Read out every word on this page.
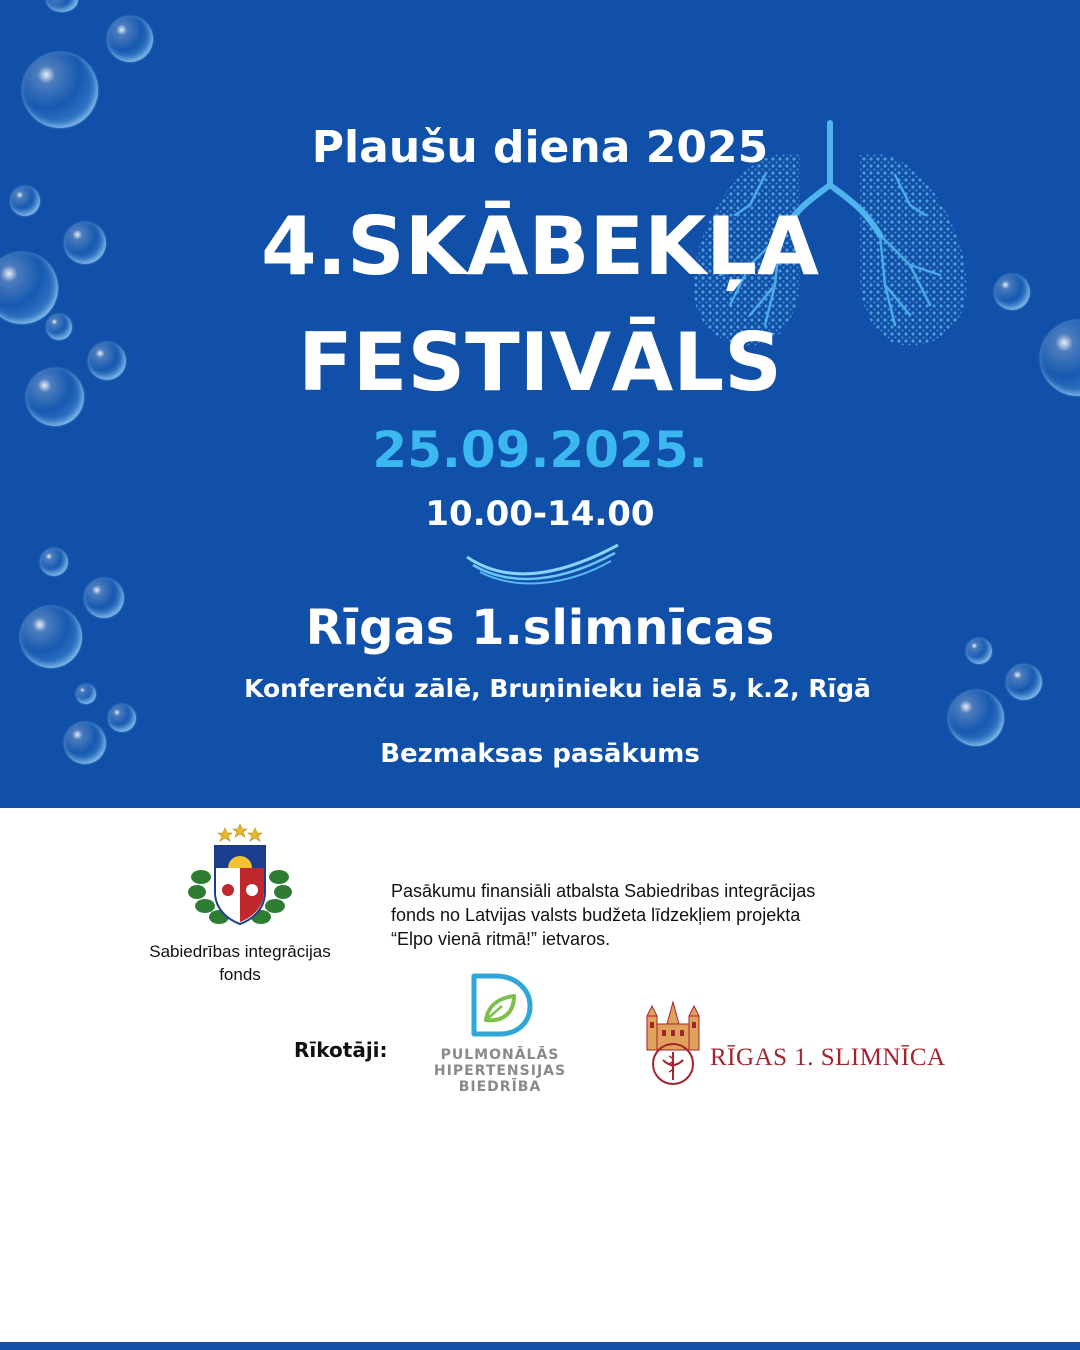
Plaušu diena 2025
4.SKĀBEKĻA
FESTIVĀLS
25.09.2025.
10.00-14.00
Rīgas 1.slimnīcas
Konferenču zālē, Bruņinieku ielā 5, k.2, Rīgā
Bezmaksas pasākums
Sabiedrības integrācijas
fonds
Pasākumu finansiāli atbalsta Sabiedribas integrācijas
fonds no Latvijas valsts budžeta līdzekļiem projekta
“Elpo vienā ritmā!” ietvaros.
Rīkotāji:	PULMONĀLĀS
HIPERTENSIJAS
BIEDRĪBA
RĪGAS 1. SLIMNĪCA
